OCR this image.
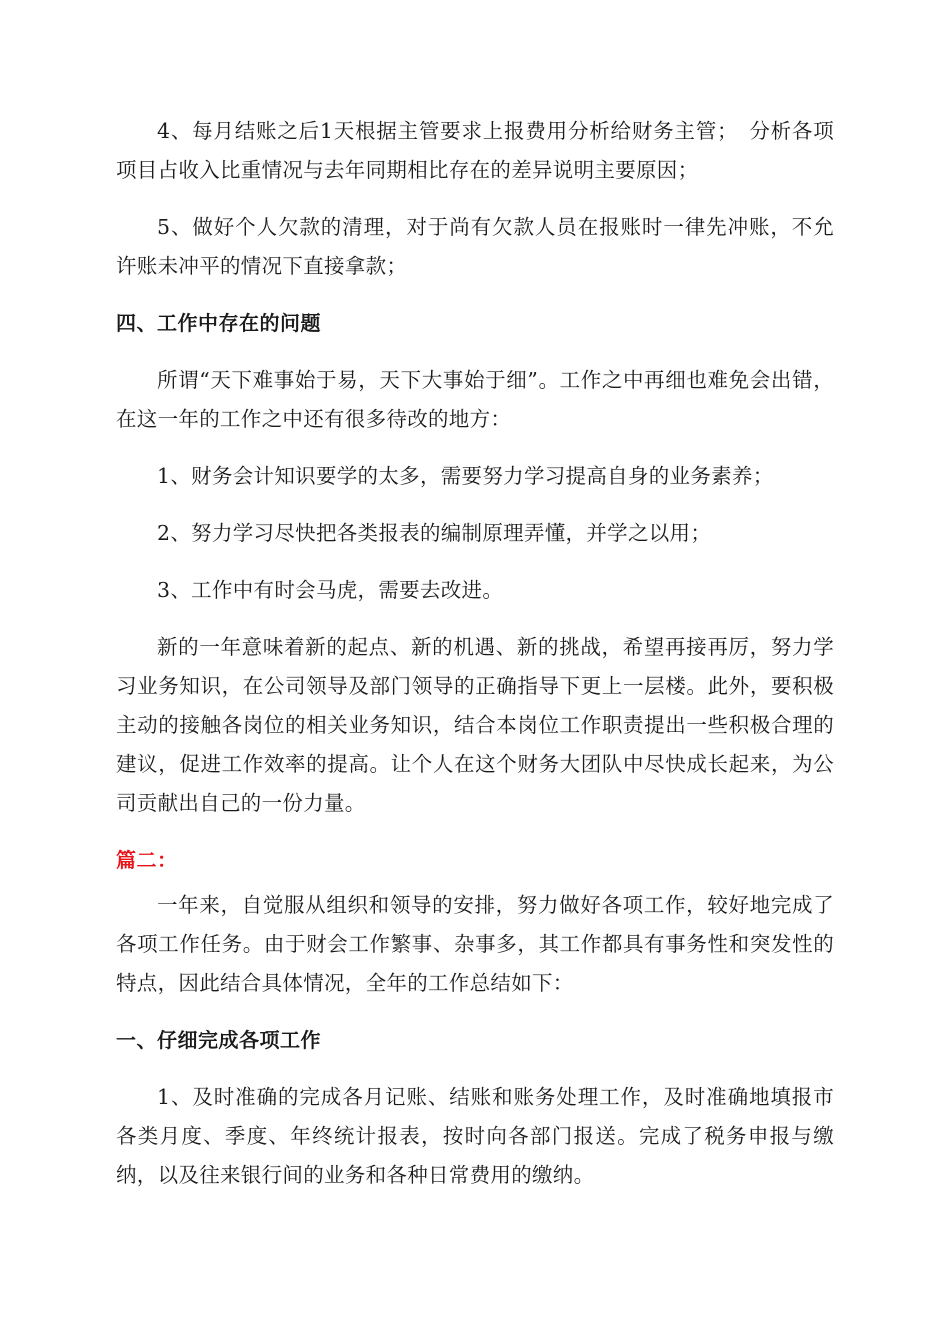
4、每月结账之后1天根据主管要求上报费用分析给财务主管；　分析各项项目占收入比重情况与去年同期相比存在的差异说明主要原因；

5、做好个人欠款的清理，对于尚有欠款人员在报账时一律先冲账，不允许账未冲平的情况下直接拿款；

四、工作中存在的问题

所谓“天下难事始于易，天下大事始于细”。工作之中再细也难免会出错，在这一年的工作之中还有很多待改的地方：

1、财务会计知识要学的太多，需要努力学习提高自身的业务素养；

2、努力学习尽快把各类报表的编制原理弄懂，并学之以用；

3、工作中有时会马虎，需要去改进。

新的一年意味着新的起点、新的机遇、新的挑战，希望再接再厉，努力学习业务知识，在公司领导及部门领导的正确指导下更上一层楼。此外，要积极主动的接触各岗位的相关业务知识，结合本岗位工作职责提出一些积极合理的建议，促进工作效率的提高。让个人在这个财务大团队中尽快成长起来，为公司贡献出自己的一份力量。

篇二：

一年来，自觉服从组织和领导的安排，努力做好各项工作，较好地完成了各项工作任务。由于财会工作繁事、杂事多，其工作都具有事务性和突发性的特点，因此结合具体情况，全年的工作总结如下：

一、仔细完成各项工作

1、及时准确的完成各月记账、结账和账务处理工作，及时准确地填报市各类月度、季度、年终统计报表，按时向各部门报送。完成了税务申报与缴纳，以及往来银行间的业务和各种日常费用的缴纳。
